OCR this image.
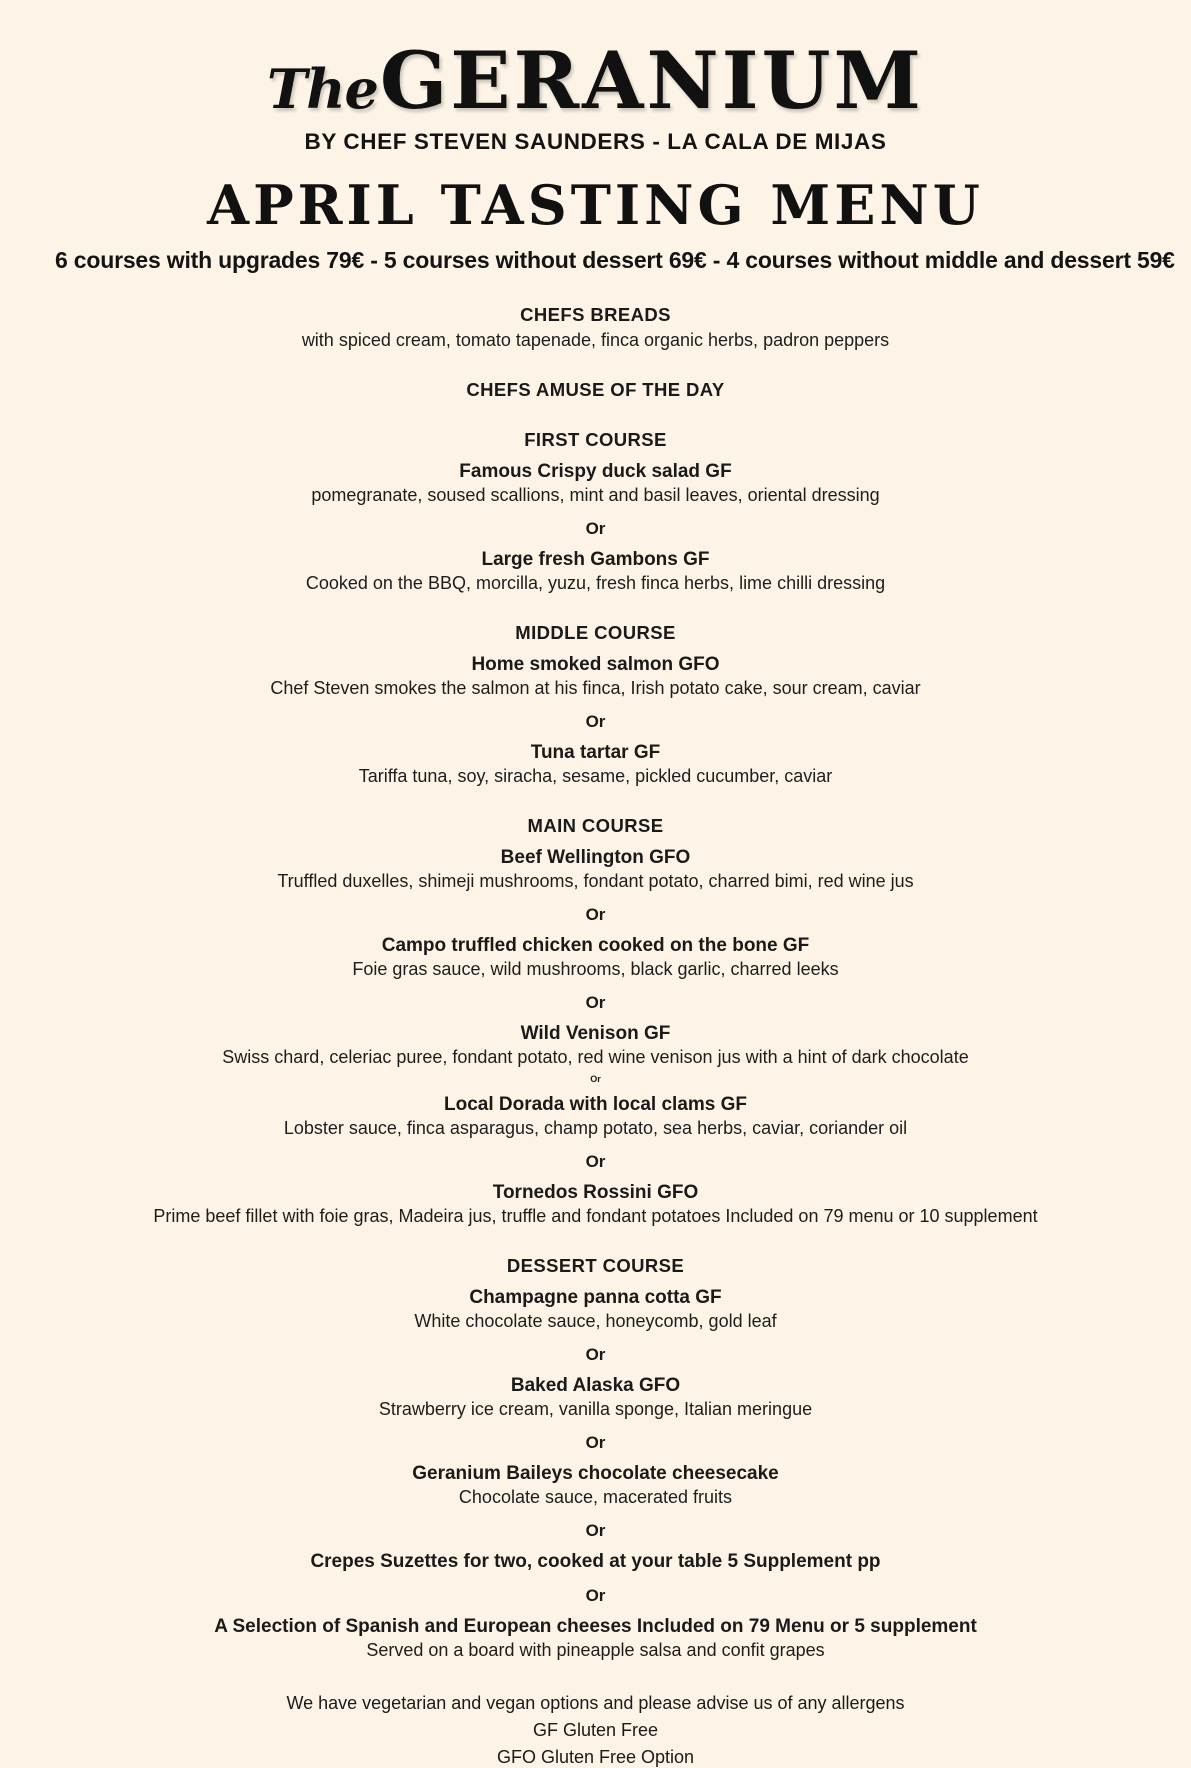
TheGERANIUM
BY CHEF STEVEN SAUNDERS - LA CALA DE MIJAS
APRIL TASTING MENU
6 courses with upgrades 79€ - 5 courses without dessert 69€ - 4 courses without middle and dessert 59€
CHEFS BREADS
with spiced cream, tomato tapenade, finca organic herbs, padron peppers
CHEFS AMUSE OF THE DAY
FIRST COURSE
Famous Crispy duck salad GF
pomegranate, soused scallions, mint and basil leaves, oriental dressing
Or
Large fresh Gambons GF
Cooked on the BBQ, morcilla, yuzu, fresh finca herbs, lime chilli dressing
MIDDLE COURSE
Home smoked salmon GFO
Chef Steven smokes the salmon at his finca, Irish potato cake, sour cream, caviar
Or
Tuna tartar GF
Tariffa tuna, soy, siracha, sesame, pickled cucumber, caviar
MAIN COURSE
Beef Wellington GFO
Truffled duxelles, shimeji mushrooms, fondant potato, charred bimi, red wine jus
Or
Campo truffled chicken cooked on the bone GF
Foie gras sauce, wild mushrooms, black garlic, charred leeks
Or
Wild Venison GF
Swiss chard, celeriac puree, fondant potato, red wine venison jus with a hint of dark chocolate
Or
Local Dorada with local clams GF
Lobster sauce, finca asparagus, champ potato, sea herbs, caviar, coriander oil
Or
Tornedos Rossini GFO
Prime beef fillet with foie gras, Madeira jus, truffle and fondant potatoes Included on 79 menu or 10 supplement
DESSERT COURSE
Champagne panna cotta GF
White chocolate sauce, honeycomb, gold leaf
Or
Baked Alaska GFO
Strawberry ice cream, vanilla sponge, Italian meringue
Or
Geranium Baileys chocolate cheesecake
Chocolate sauce, macerated fruits
Or
Crepes Suzettes for two, cooked at your table 5 Supplement pp
Or
A Selection of Spanish and European cheeses Included on 79 Menu or 5 supplement
Served on a board with pineapple salsa and confit grapes
We have vegetarian and vegan options and please advise us of any allergens
GF Gluten Free
GFO Gluten Free Option
